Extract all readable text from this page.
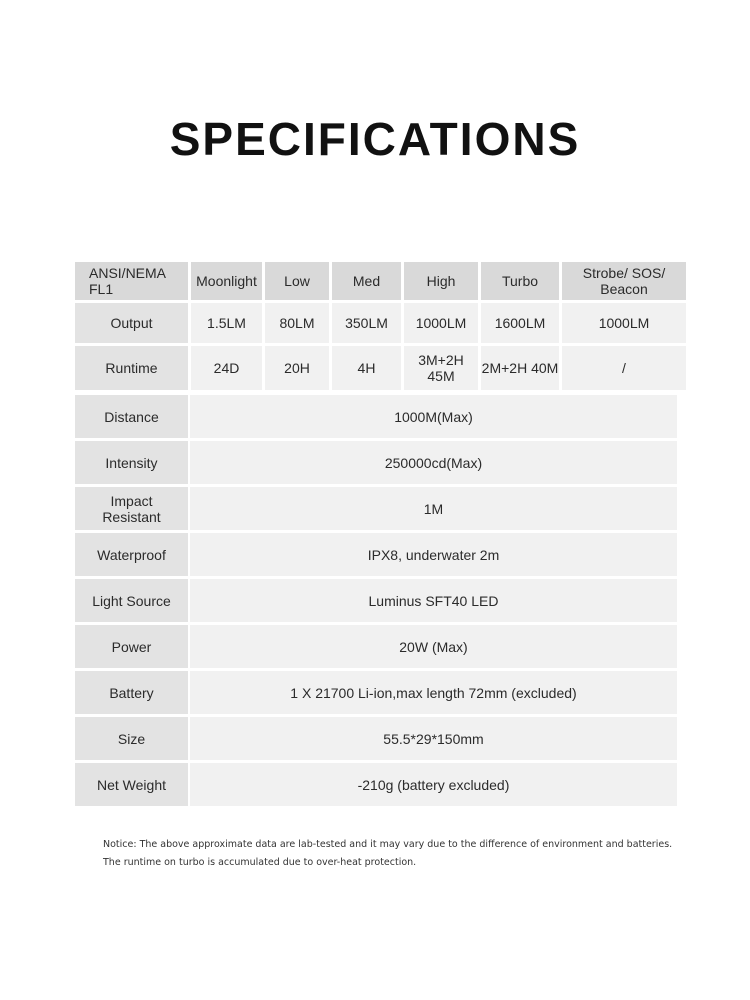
SPECIFICATIONS
ANSI/NEMA FL1	Moonlight	Low	Med	High	Turbo	Strobe/ SOS/ Beacon
Output	1.5LM	80LM	350LM	1000LM	1600LM	1000LM
Runtime	24D	20H	4H	3M+2H 45M	2M+2H 40M	/
Distance	1000M(Max)
Intensity	250000cd(Max)
Impact Resistant	1M
Waterproof	IPX8, underwater 2m
Light Source	Luminus SFT40 LED
Power	20W (Max)
Battery	1 X 21700 Li-ion,max length 72mm (excluded)
Size	55.5*29*150mm
Net Weight	-210g (battery excluded)
Notice: The above approximate data are lab-tested and it may vary due to the difference of environment and batteries.
The runtime on turbo is accumulated due to over-heat protection.
